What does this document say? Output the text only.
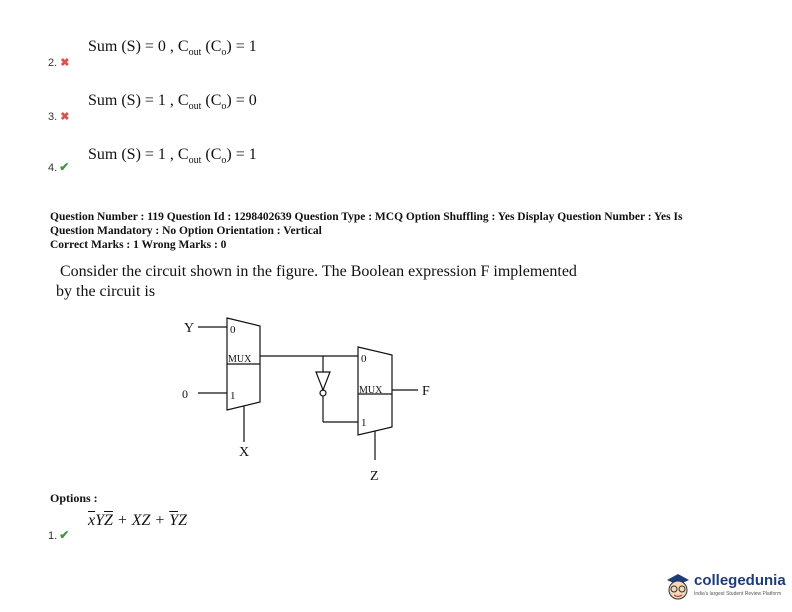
2. ✖
Sum (S) = 0 , $C_{out}$ $(C_o) = 1$
3. ✖
Sum (S) = 1 , $C_{out}$ $(C_o) = 0$
4. ✔
Sum (S) = 1 , $C_{out}$ $(C_o) = 1$
Question Number : 119 Question Id : 1298402639 Question Type : MCQ Option Shuffling : Yes Display Question Number : Yes Is
Question Mandatory : No Option Orientation : Vertical
Correct Marks : 1 Wrong Marks : 0
Consider the circuit shown in the figure. The Boolean expression F implemented
by the circuit is
Y
0
0
MUX
1
X
0
MUX
1
Z
F
Options :
1. ✔
$\overline{x}Y\overline{Z}$ + XZ + $\overline{Y}Z$
collegedunia
India's largest Student Review Platform
